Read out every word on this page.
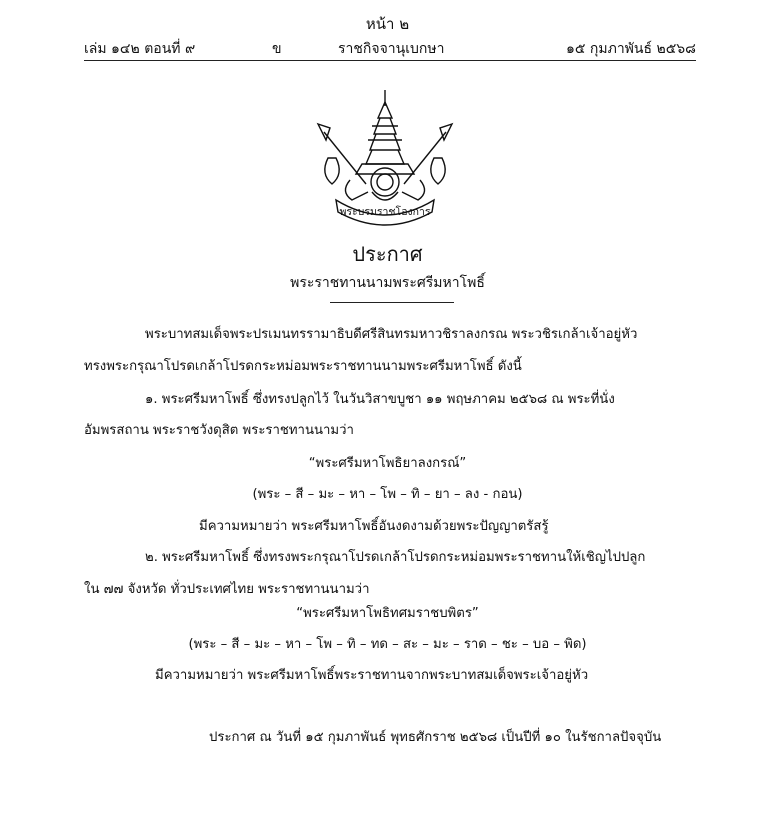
หน้า ๒
เล่ม ๑๔๒ ตอนที่ ๙	ข	ราชกิจจานุเบกษา	๑๕ กุมภาพันธ์ ๒๕๖๘
พระบรมราชโองการ
ประกาศ
พระราชทานนามพระศรีมหาโพธิ์
พระบาทสมเด็จพระปรเมนทรรามาธิบดีศรีสินทรมหาวชิราลงกรณ พระวชิรเกล้าเจ้าอยู่หัว
ทรงพระกรุณาโปรดเกล้าโปรดกระหม่อมพระราชทานนามพระศรีมหาโพธิ์ ดังนี้
๑. พระศรีมหาโพธิ์ ซึ่งทรงปลูกไว้ ในวันวิสาขบูชา ๑๑ พฤษภาคม ๒๕๖๘ ณ พระที่นั่ง
อัมพรสถาน พระราชวังดุสิต พระราชทานนามว่า
“พระศรีมหาโพธิยาลงกรณ์”
(พระ – สี – มะ – หา – โพ – ทิ – ยา – ลง - กอน)
มีความหมายว่า พระศรีมหาโพธิ์อันงดงามด้วยพระปัญญาตรัสรู้
๒. พระศรีมหาโพธิ์ ซึ่งทรงพระกรุณาโปรดเกล้าโปรดกระหม่อมพระราชทานให้เชิญไปปลูก
ใน ๗๗ จังหวัด ทั่วประเทศไทย พระราชทานนามว่า
“พระศรีมหาโพธิทศมราชบพิตร”
(พระ – สี – มะ – หา – โพ – ทิ – ทด – สะ – มะ – ราด – ชะ – บอ – พิด)
มีความหมายว่า พระศรีมหาโพธิ์พระราชทานจากพระบาทสมเด็จพระเจ้าอยู่หัว
ประกาศ ณ วันที่ ๑๕ กุมภาพันธ์ พุทธศักราช ๒๕๖๘ เป็นปีที่ ๑๐ ในรัชกาลปัจจุบัน
